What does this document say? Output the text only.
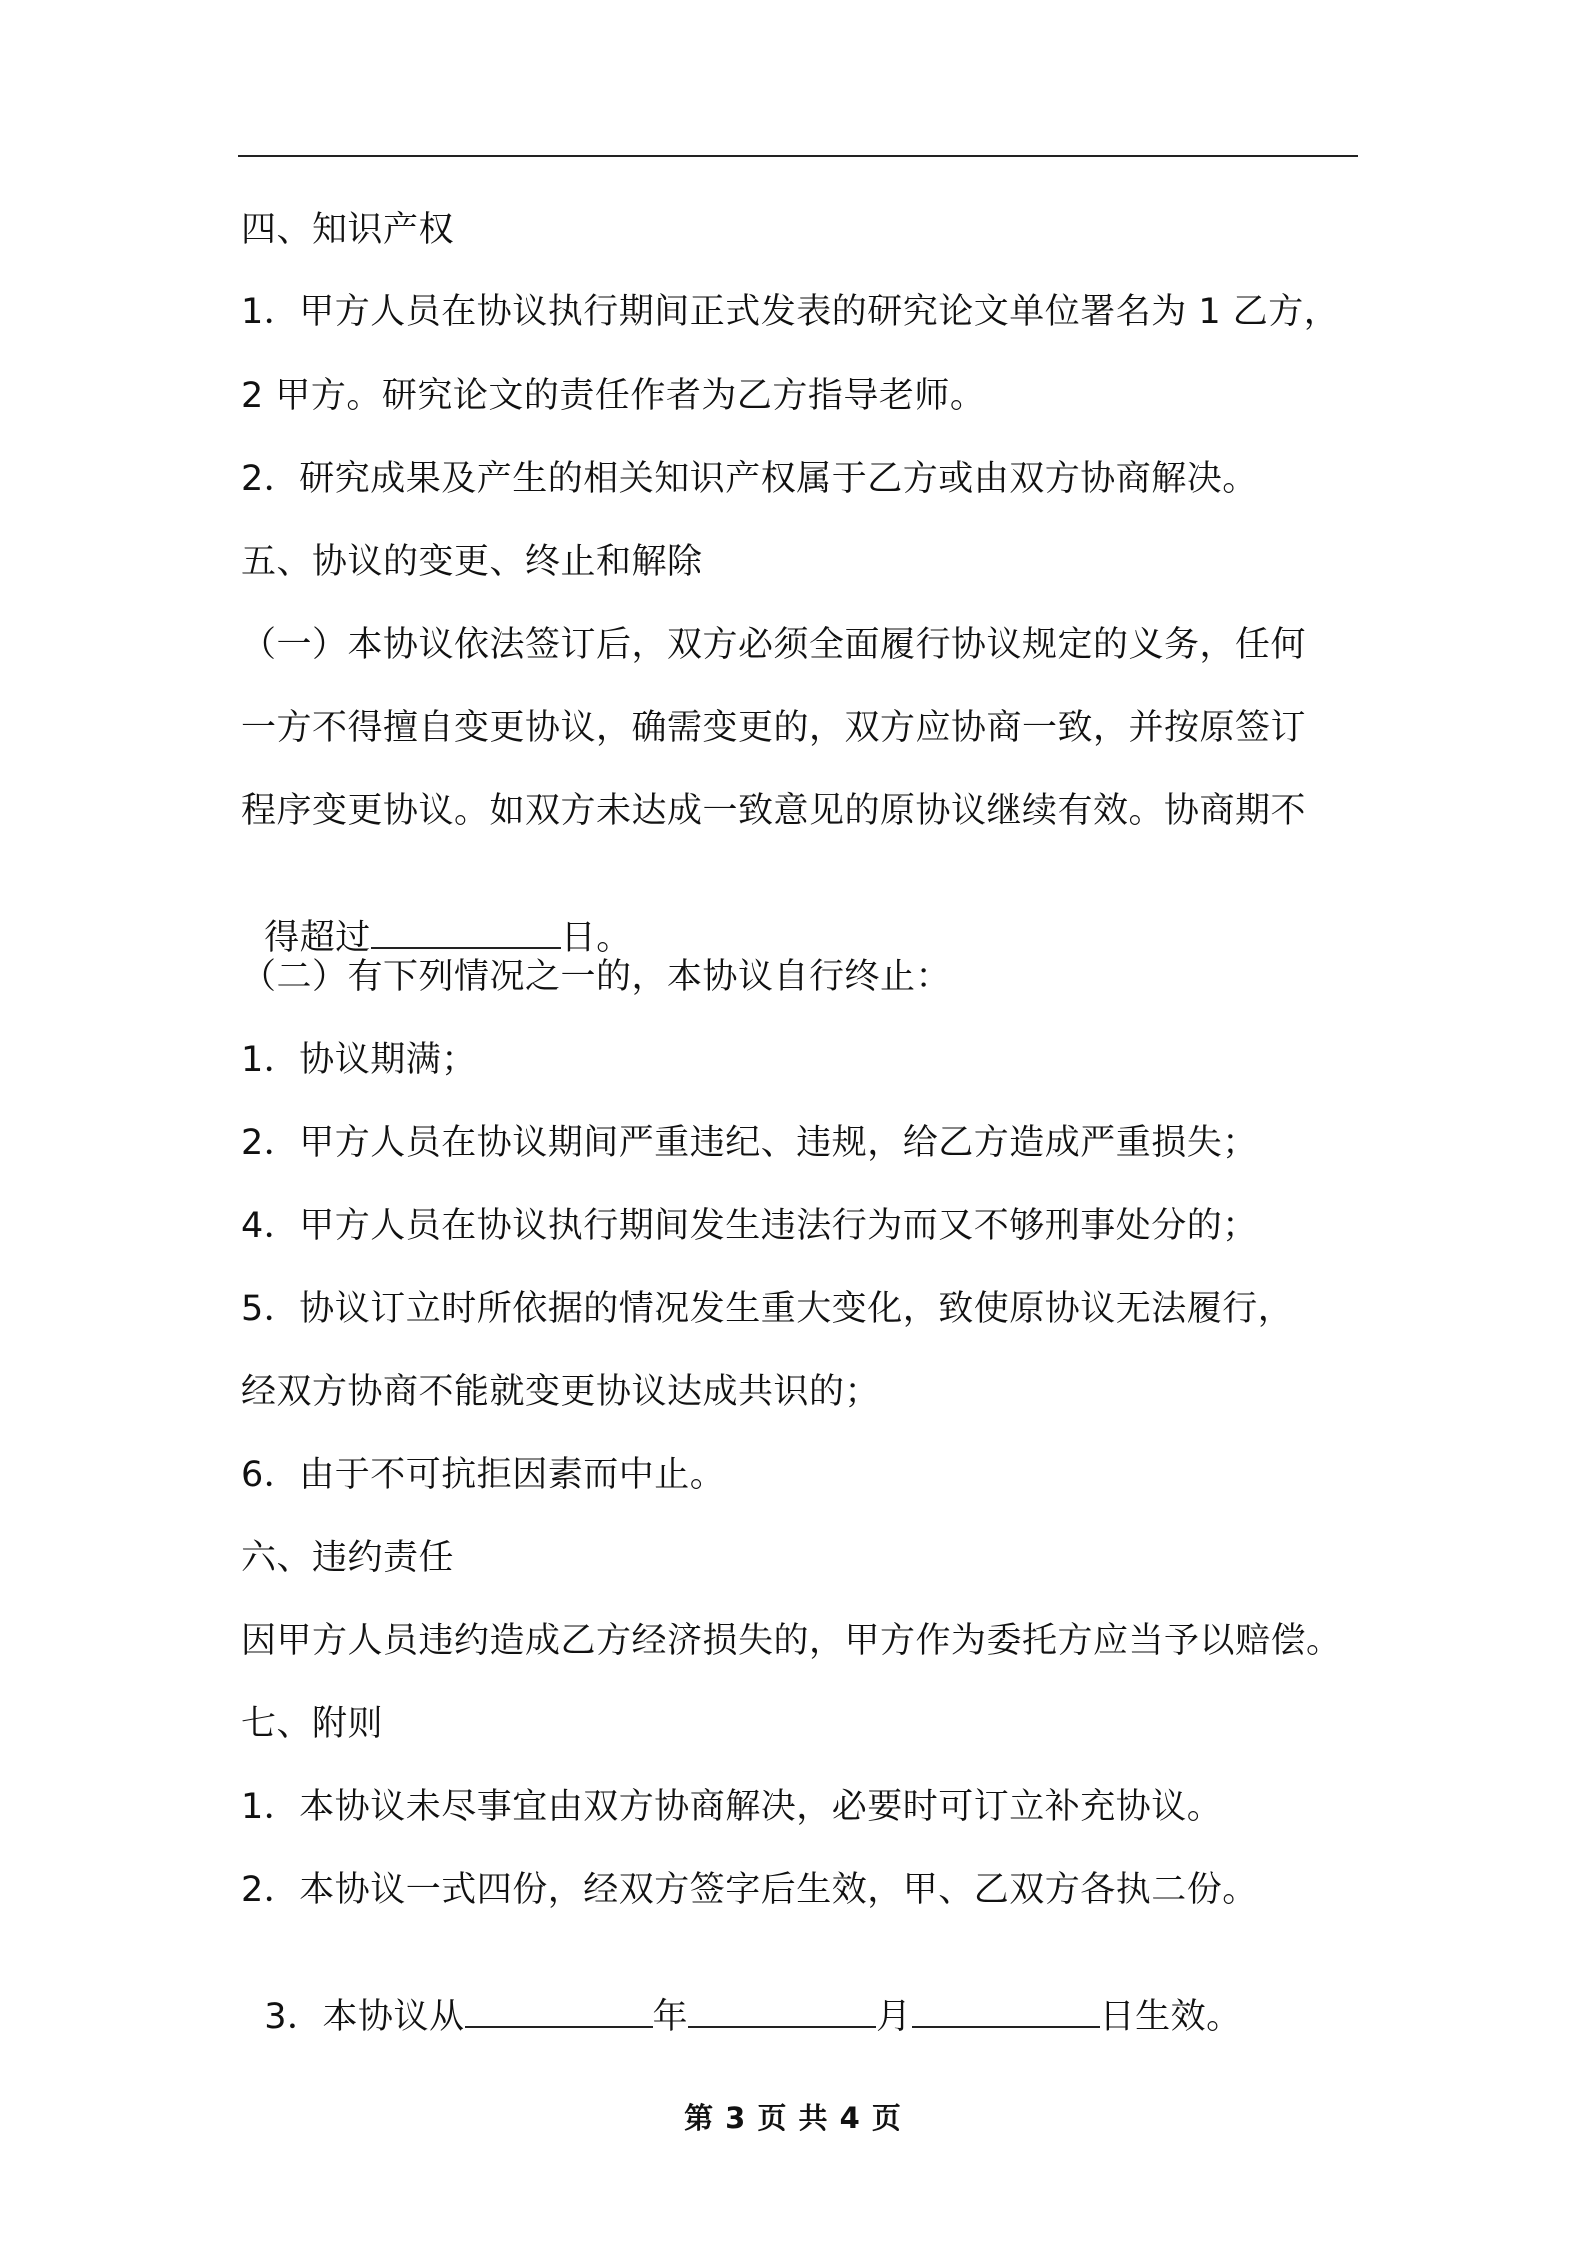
四、知识产权
1．甲方人员在协议执行期间正式发表的研究论文单位署名为 1 乙方，
2 甲方。研究论文的责任作者为乙方指导老师。
2．研究成果及产生的相关知识产权属于乙方或由双方协商解决。
五、协议的变更、终止和解除
（一）本协议依法签订后，双方必须全面履行协议规定的义务，任何
一方不得擅自变更协议，确需变更的，双方应协商一致，并按原签订
程序变更协议。如双方未达成一致意见的原协议继续有效。协商期不

得超过	日。

（二）有下列情况之一的，本协议自行终止：
1．协议期满；
2．甲方人员在协议期间严重违纪、违规，给乙方造成严重损失；
4．甲方人员在协议执行期间发生违法行为而又不够刑事处分的；
5．协议订立时所依据的情况发生重大变化，致使原协议无法履行，
经双方协商不能就变更协议达成共识的；
6．由于不可抗拒因素而中止。
六、违约责任
因甲方人员违约造成乙方经济损失的，甲方作为委托方应当予以赔偿。
七、附则
1．本协议未尽事宜由双方协商解决，必要时可订立补充协议。
2．本协议一式四份，经双方签字后生效，甲、乙双方各执二份。

3．本协议从	年	月	日生效。

第 3 页 共 4 页
